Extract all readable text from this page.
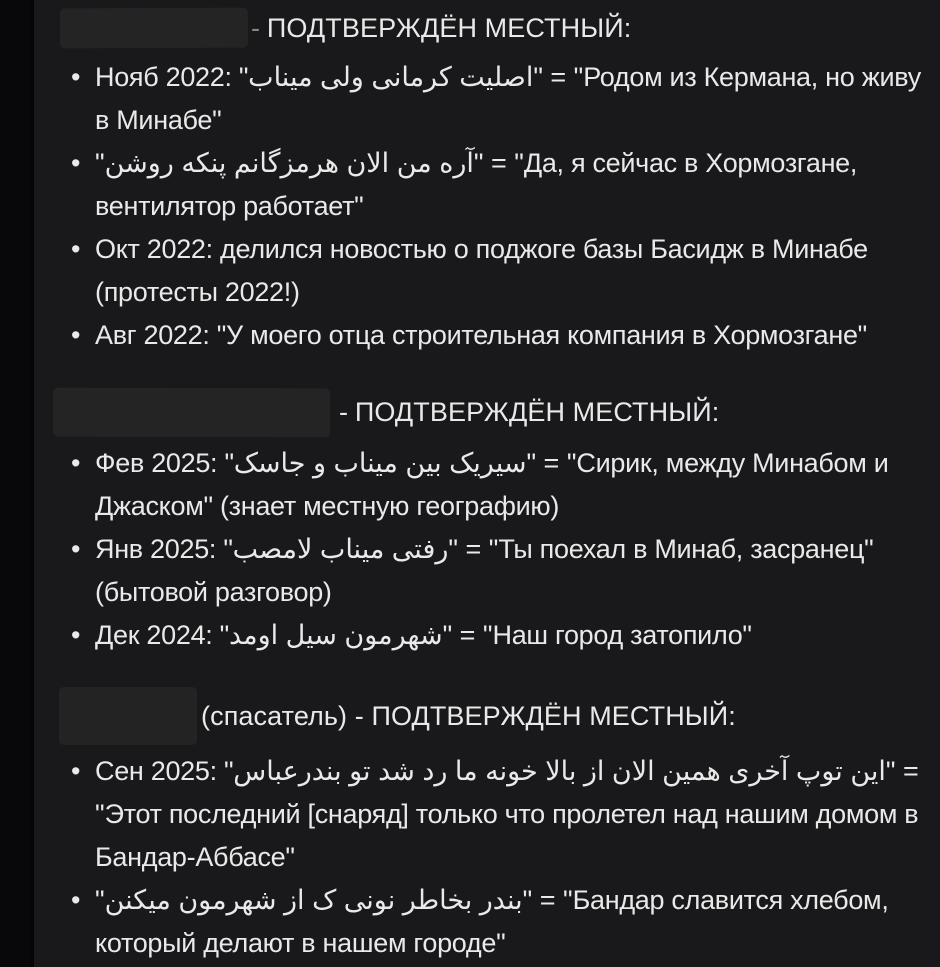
- ПОДТВЕРЖДЁН МЕСТНЫЙ:
• Нояб 2022: "اصلیت کرمانی ولی میناب" = "Родом из Кермана, но живу в Минабе"
• "آره من الان هرمزگانم پنکه روشن" = "Да, я сейчас в Хормозгане, вентилятор работает"
• Окт 2022: делился новостью о поджоге базы Басидж в Минабе (протесты 2022!)
• Авг 2022: "У моего отца строительная компания в Хормозгане"
- ПОДТВЕРЖДЁН МЕСТНЫЙ:
• Фев 2025: "سیریک بین میناب و جاسک" = "Сирик, между Минабом и Джаском" (знает местную географию)
• Янв 2025: "رفتی میناب لامصب" = "Ты поехал в Минаб, засранец" (бытовой разговор)
• Дек 2024: "شهرمون سیل اومد" = "Наш город затопило"
(спасатель) - ПОДТВЕРЖДЁН МЕСТНЫЙ:
• Сен 2025: "این توپ آخری همین الان از بالا خونه ما رد شد تو بندرعباس" = "Этот последний [снаряд] только что пролетел над нашим домом в Бандар-Аббасе"
• "بندر بخاطر نونی ک از شهرمون میکنن" = "Бандар славится хлебом, который делают в нашем городе"
